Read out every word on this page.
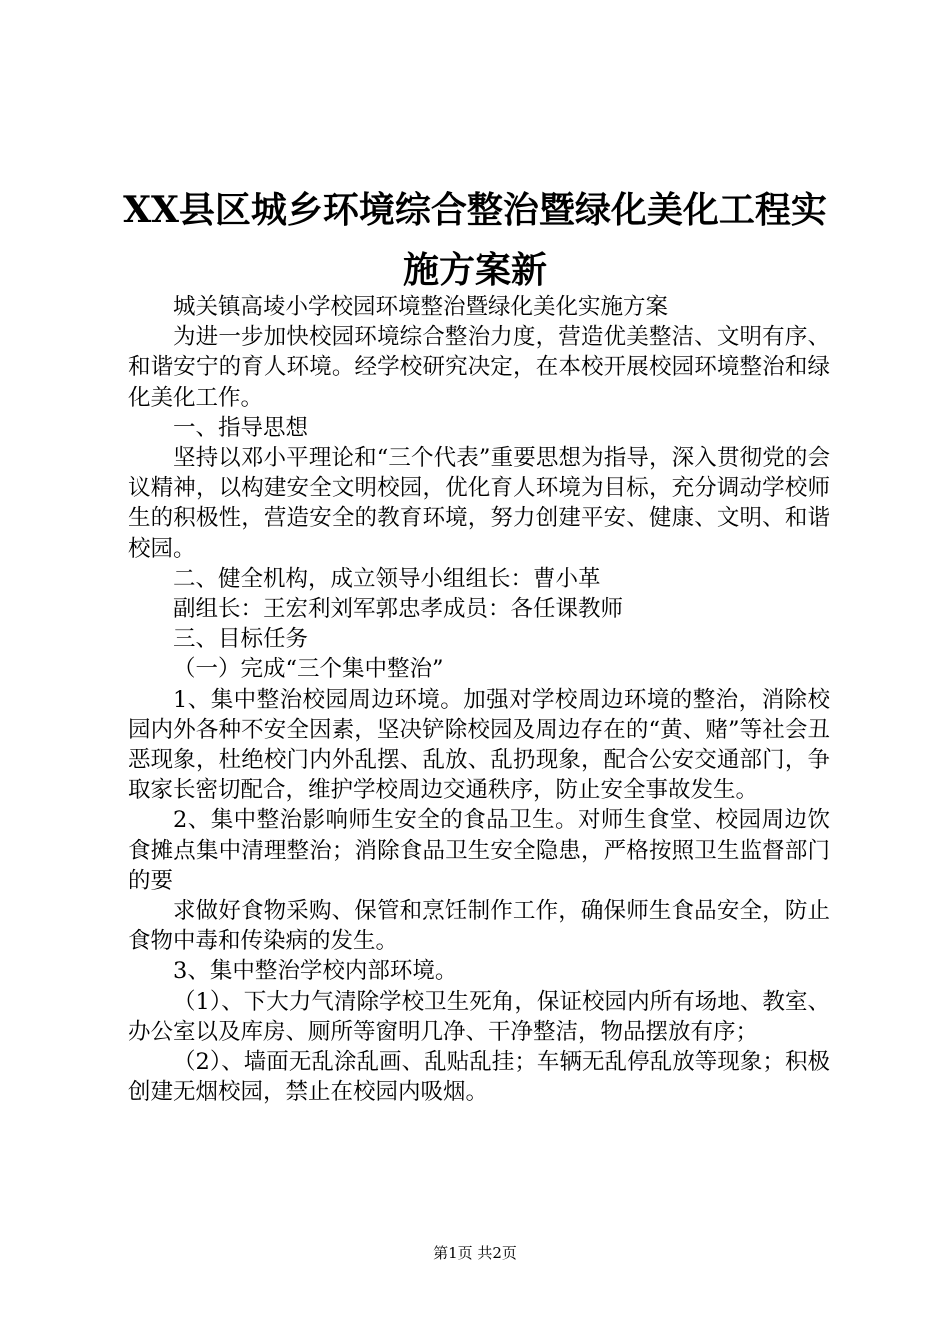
XX县区城乡环境综合整治暨绿化美化工程实施方案新

城关镇高堎小学校园环境整治暨绿化美化实施方案

为进一步加快校园环境综合整治力度，营造优美整洁、文明有序、和谐安宁的育人环境。经学校研究决定，在本校开展校园环境整治和绿化美化工作。

一、指导思想

坚持以邓小平理论和“三个代表”重要思想为指导，深入贯彻党的会议精神，以构建安全文明校园，优化育人环境为目标，充分调动学校师生的积极性，营造安全的教育环境，努力创建平安、健康、文明、和谐校园。

二、健全机构，成立领导小组组长：曹小革

副组长：王宏利刘军郭忠孝成员：各任课教师

三、目标任务

（一）完成“三个集中整治”

1、集中整治校园周边环境。加强对学校周边环境的整治，消除校园内外各种不安全因素，坚决铲除校园及周边存在的“黄、赌”等社会丑恶现象，杜绝校门内外乱摆、乱放、乱扔现象，配合公安交通部门，争取家长密切配合，维护学校周边交通秩序，防止安全事故发生。

2、集中整治影响师生安全的食品卫生。对师生食堂、校园周边饮食摊点集中清理整治；消除食品卫生安全隐患，严格按照卫生监督部门的要

求做好食物采购、保管和烹饪制作工作，确保师生食品安全，防止食物中毒和传染病的发生。

3、集中整治学校内部环境。

（1）、下大力气清除学校卫生死角，保证校园内所有场地、教室、办公室以及库房、厕所等窗明几净、干净整洁，物品摆放有序；

（2）、墙面无乱涂乱画、乱贴乱挂；车辆无乱停乱放等现象；积极创建无烟校园，禁止在校园内吸烟。

第1页 共2页
